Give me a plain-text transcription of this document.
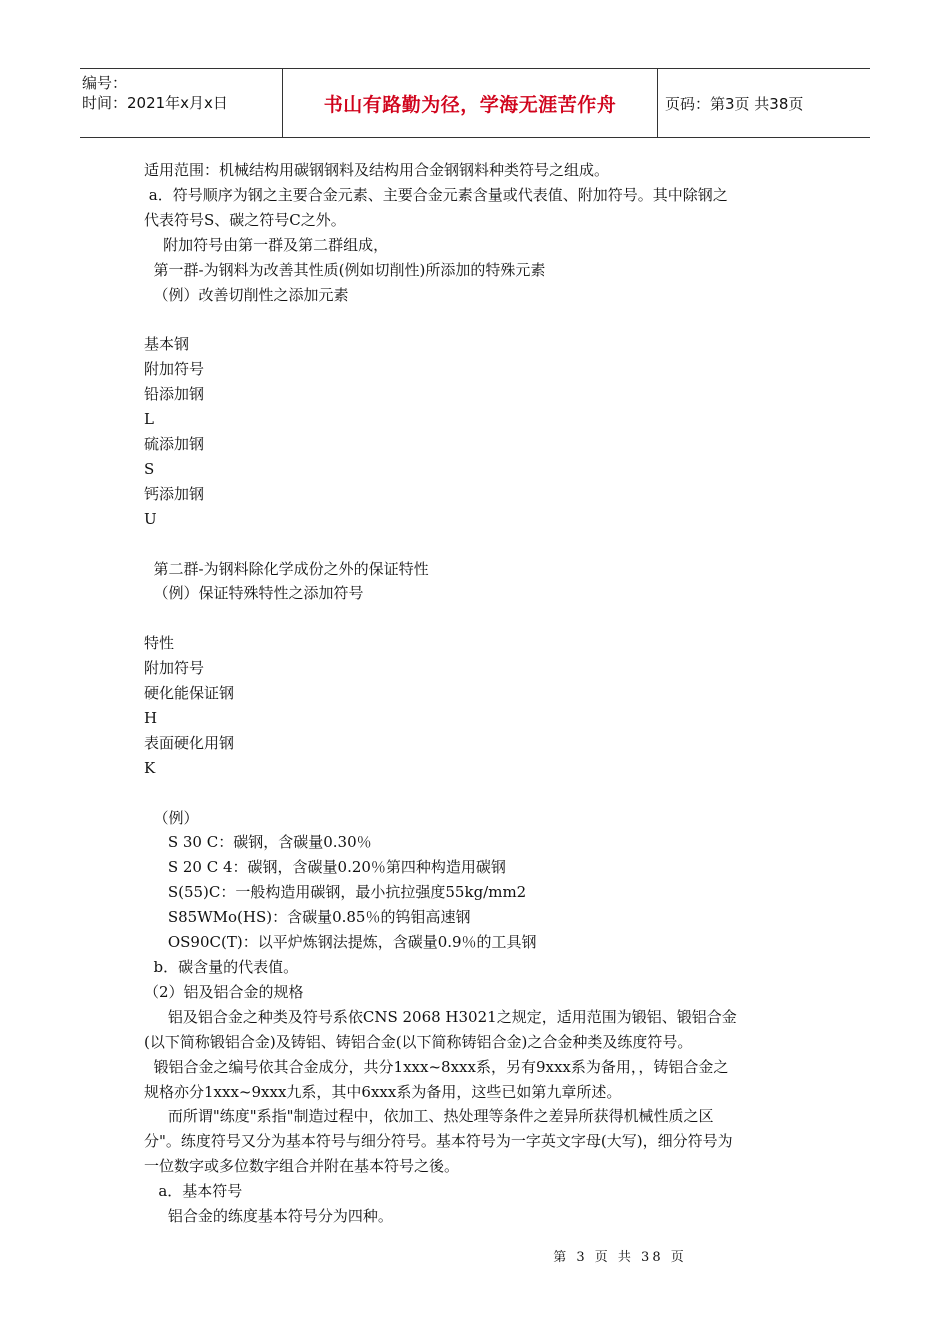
编号：
时间：2021年x月x日	书山有路勤为径，学海无涯苦作舟	页码：第3页 共38页

适用范围：机械结构用碳钢钢料及结构用合金钢钢料种类符号之组成。

a．符号顺序为钢之主要合金元素、主要合金元素含量或代表值、附加符号。其中除钢之

代表符号S、碳之符号C之外。

附加符号由第一群及第二群组成，

第一群-为钢料为改善其性质(例如切削性)所添加的特殊元素

（例）改善切削性之添加元素

基本钢

附加符号

铅添加钢

L

硫添加钢

S

钙添加钢

U

第二群-为钢料除化学成份之外的保证特性

（例）保证特殊特性之添加符号

特性

附加符号

硬化能保证钢

H

表面硬化用钢

K

（例）

S 30 C：碳钢，含碳量0.30％

S 20 C 4：碳钢，含碳量0.20％第四种构造用碳钢

S(55)C：一般构造用碳钢，最小抗拉强度55kg/mm2

S85WMo(HS)：含碳量0.85％的钨钼高速钢

OS90C(T)：以平炉炼钢法提炼，含碳量0.9％的工具钢

b．碳含量的代表值。

（2）铝及铝合金的规格

铝及铝合金之种类及符号系依CNS 2068 H3021之规定，适用范围为锻铝、锻铝合金

(以下简称锻铝合金)及铸铝、铸铝合金(以下简称铸铝合金)之合金种类及练度符号。

锻铝合金之编号依其合金成分，共分1xxx~8xxx系，另有9xxx系为备用，，铸铝合金之

规格亦分1xxx~9xxx九系，其中6xxx系为备用，这些已如第九章所述。

而所谓"练度"系指"制造过程中，依加工、热处理等条件之差异所获得机械性质之区

分"。练度符号又分为基本符号与细分符号。基本符号为一字英文字母(大写)，细分符号为

一位数字或多位数字组合并附在基本符号之後。

a．基本符号

铝合金的练度基本符号分为四种。

第 3 页 共 38 页
